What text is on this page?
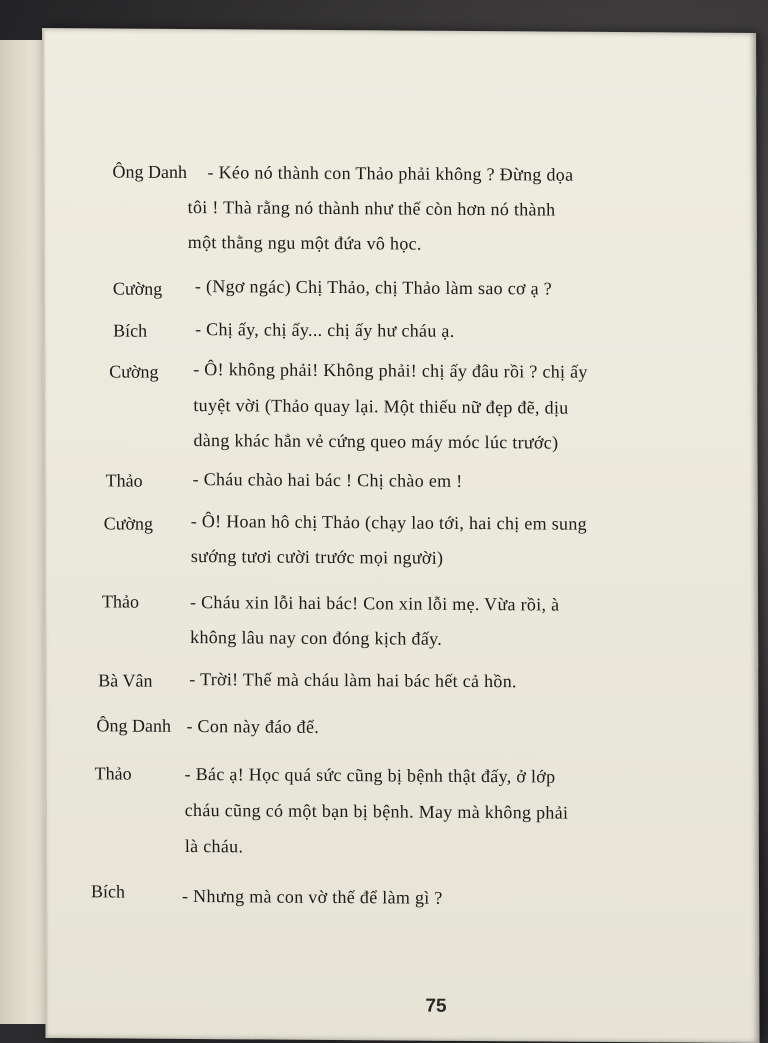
Ông Danh - Kéo nó thành con Thảo phải không ? Đừng dọa

tôi ! Thà rằng nó thành như thế còn hơn nó thành

một thằng ngu một đứa vô học.

Cường - (Ngơ ngác) Chị Thảo, chị Thảo làm sao cơ ạ ?

Bích	- Chị ấy, chị ấy... chị ấy hư cháu ạ.

Cường - Ô! không phải! Không phải! chị ấy đâu rồi ? chị ấy

tuyệt vời (Thảo quay lại. Một thiếu nữ đẹp đẽ, dịu

dàng khác hẳn vẻ cứng queo máy móc lúc trước)

Thảo	- Cháu chào hai bác ! Chị chào em !

Cường - Ô! Hoan hô chị Thảo (chạy lao tới, hai chị em sung

sướng tươi cười trước mọi người)

Thảo	- Cháu xin lỗi hai bác! Con xin lỗi mẹ. Vừa rồi, à

không lâu nay con đóng kịch đấy.

Bà Vân - Trời! Thế mà cháu làm hai bác hết cả hồn.

Ông Danh - Con này đáo để.

Thảo	- Bác ạ! Học quá sức cũng bị bệnh thật đấy, ở lớp

cháu cũng có một bạn bị bệnh. May mà không phải

là cháu.

Bích	- Nhưng mà con vờ thế để làm gì ?

75
